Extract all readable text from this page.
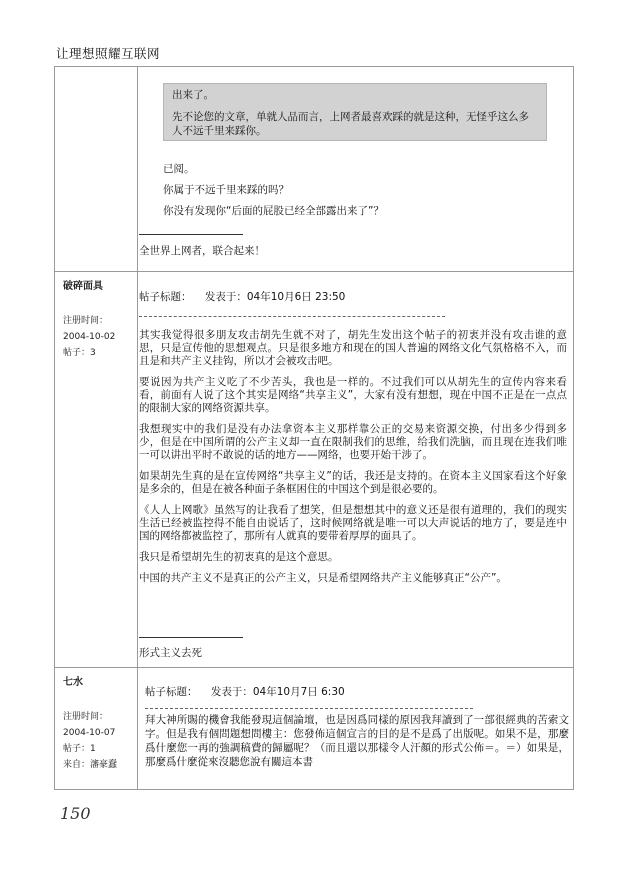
让理想照耀互联网

出来了。

先不论您的文章，单就人品而言，上网者最喜欢踩的就是这种，无怪乎这么多人不远千里来踩你。

已阅。

你属于不远千里来踩的吗？

你没有发现你“后面的屁股已经全部露出来了”？

全世界上网者，联合起来！

破碎面具

注册时间：

2004-10-02

帖子：3

帖子标题： 发表于：04年10月6日 23:50

其实我觉得很多朋友攻击胡先生就不对了，胡先生发出这个帖子的初衷并没有攻击谁的意思，只是宣传他的思想观点。只是很多地方和现在的国人普遍的网络文化气氛格格不入，而且是和共产主义挂钩，所以才会被攻击吧。

要说因为共产主义吃了不少苦头，我也是一样的。不过我们可以从胡先生的宣传内容来看看，前面有人说了这个其实是网络“共享主义”，大家有没有想想，现在中国不正是在一点点的限制大家的网络资源共享。

我想现实中的我们是没有办法拿资本主义那样靠公正的交易来资源交换，付出多少得到多少，但是在中国所谓的公产主义却一直在限制我们的思维，给我们洗脑，而且现在连我们唯一可以讲出平时不敢说的话的地方——网络，也要开始干涉了。

如果胡先生真的是在宣传网络“共享主义”的话，我还是支持的。在资本主义国家看这个好象是多余的，但是在被各种面子条框困住的中国这个到是很必要的。

《人人上网歌》虽然写的让我看了想笑，但是想想其中的意义还是很有道理的，我们的现实生活已经被监控得不能自由说话了，这时候网络就是唯一可以大声说话的地方了，要是连中国的网络都被监控了，那所有人就真的要带着厚厚的面具了。

我只是希望胡先生的初衷真的是这个意思。

中国的共产主义不是真正的公产主义，只是希望网络共产主义能够真正“公产”。

形式主义去死

七水

注册时间：

2004-10-07

帖子：1

来自：瀋豪蠢

帖子标题： 发表于：04年10月7日 6:30

拜大神所賜的機會我能發現這個論壇，也是因爲同樣的原因我拜讀到了一部很經典的苦索文字。但是我有個問題想問樓主：您發佈這個宣言的目的是不是爲了出版呢。如果不是，那麼爲什麼您一再的強調稿費的歸屬呢？（而且還以那樣令人汗顏的形式公佈＝。＝）如果是，那麼爲什麼從來沒聽您說有關這本書

150
